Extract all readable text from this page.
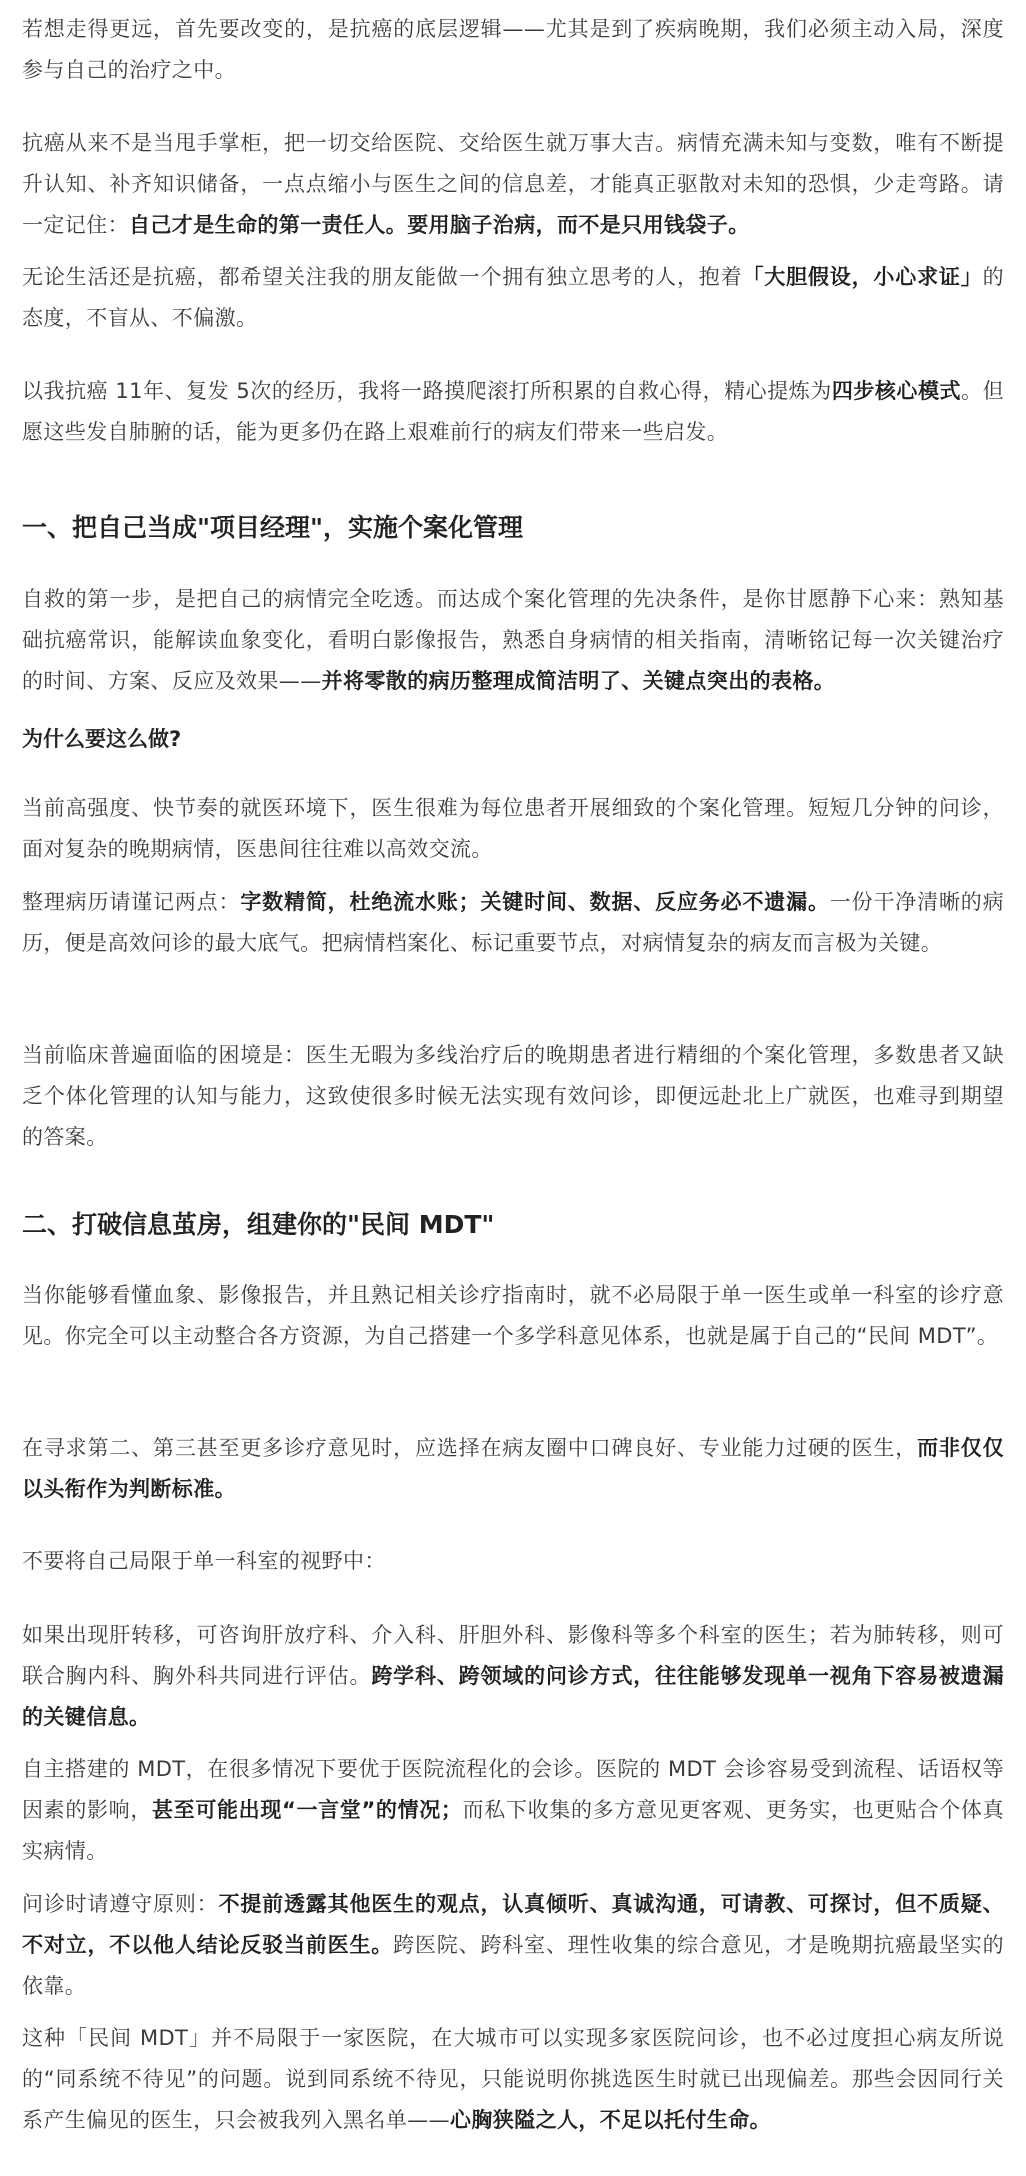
若想走得更远，首先要改变的，是抗癌的底层逻辑——尤其是到了疾病晚期，我们必须主动入局，深度参与自己的治疗之中。

抗癌从来不是当甩手掌柜，把一切交给医院、交给医生就万事大吉。病情充满未知与变数，唯有不断提升认知、补齐知识储备，一点点缩小与医生之间的信息差，才能真正驱散对未知的恐惧，少走弯路。请一定记住：自己才是生命的第一责任人。要用脑子治病，而不是只用钱袋子。

无论生活还是抗癌，都希望关注我的朋友能做一个拥有独立思考的人，抱着「大胆假设，小心求证」的态度，不盲从、不偏激。

以我抗癌 11年、复发 5次的经历，我将一路摸爬滚打所积累的自救心得，精心提炼为四步核心模式。但愿这些发自肺腑的话，能为更多仍在路上艰难前行的病友们带来一些启发。

一、把自己当成"项目经理"，实施个案化管理

自救的第一步，是把自己的病情完全吃透。而达成个案化管理的先决条件，是你甘愿静下心来：熟知基础抗癌常识，能解读血象变化，看明白影像报告，熟悉自身病情的相关指南，清晰铭记每一次关键治疗的时间、方案、反应及效果——并将零散的病历整理成简洁明了、关键点突出的表格。

为什么要这么做?

当前高强度、快节奏的就医环境下，医生很难为每位患者开展细致的个案化管理。短短几分钟的问诊，面对复杂的晚期病情，医患间往往难以高效交流。

整理病历请谨记两点：字数精简，杜绝流水账；关键时间、数据、反应务必不遗漏。一份干净清晰的病历，便是高效问诊的最大底气。把病情档案化、标记重要节点，对病情复杂的病友而言极为关键。

当前临床普遍面临的困境是：医生无暇为多线治疗后的晚期患者进行精细的个案化管理，多数患者又缺乏个体化管理的认知与能力，这致使很多时候无法实现有效问诊，即便远赴北上广就医，也难寻到期望的答案。

二、打破信息茧房，组建你的"民间 MDT"

当你能够看懂血象、影像报告，并且熟记相关诊疗指南时，就不必局限于单一医生或单一科室的诊疗意见。你完全可以主动整合各方资源，为自己搭建一个多学科意见体系，也就是属于自己的“民间 MDT”。

在寻求第二、第三甚至更多诊疗意见时，应选择在病友圈中口碑良好、专业能力过硬的医生，而非仅仅以头衔作为判断标准。

不要将自己局限于单一科室的视野中：

如果出现肝转移，可咨询肝放疗科、介入科、肝胆外科、影像科等多个科室的医生；若为肺转移，则可联合胸内科、胸外科共同进行评估。跨学科、跨领域的问诊方式，往往能够发现单一视角下容易被遗漏的关键信息。

自主搭建的 MDT，在很多情况下要优于医院流程化的会诊。医院的 MDT 会诊容易受到流程、话语权等因素的影响，甚至可能出现“一言堂”的情况；而私下收集的多方意见更客观、更务实，也更贴合个体真实病情。

问诊时请遵守原则：不提前透露其他医生的观点，认真倾听、真诚沟通，可请教、可探讨，但不质疑、不对立，不以他人结论反驳当前医生。跨医院、跨科室、理性收集的综合意见，才是晚期抗癌最坚实的依靠。

这种「民间 MDT」并不局限于一家医院，在大城市可以实现多家医院问诊，也不必过度担心病友所说的“同系统不待见”的问题。说到同系统不待见，只能说明你挑选医生时就已出现偏差。那些会因同行关系产生偏见的医生，只会被我列入黑名单——心胸狭隘之人，不足以托付生命。
